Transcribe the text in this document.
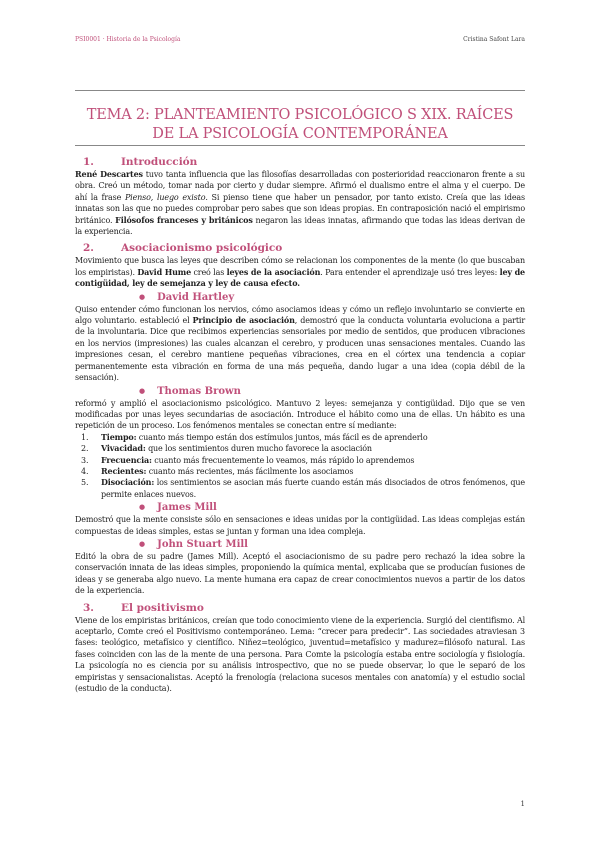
PSI0001 · Historia de la Psicología	Cristina Safont Lara
TEMA 2: PLANTEAMIENTO PSICOLÓGICO S XIX. RAÍCES DE LA PSICOLOGÍA CONTEMPORÁNEA
1.	Introducción

René Descartes tuvo tanta influencia que las filosofías desarrolladas con posterioridad reaccionaron frente a su obra. Creó un método, tomar nada por cierto y dudar siempre. Afirmó el dualismo entre el alma y el cuerpo. De ahí la frase Pienso, luego existo. Si pienso tiene que haber un pensador, por tanto existo. Creía que las ideas innatas son las que no puedes comprobar pero sabes que son ideas propias. En contraposición nació el empirismo británico. Filósofos franceses y británicos negaron las ideas innatas, afirmando que todas las ideas derivan de la experiencia.

2.	Asociacionismo psicológico

Movimiento que busca las leyes que describen cómo se relacionan los componentes de la mente (lo que buscaban los empiristas). David Hume creó las leyes de la asociación. Para entender el aprendizaje usó tres leyes: ley de contigüidad, ley de semejanza y ley de causa efecto.

● David Hartley

Quiso entender cómo funcionan los nervios, cómo asociamos ideas y cómo un reflejo involuntario se convierte en algo voluntario. estableció el Principio de asociación, demostró que la conducta voluntaria evoluciona a partir de la involuntaria. Dice que recibimos experiencias sensoriales por medio de sentidos, que producen vibraciones en los nervios (impresiones) las cuales alcanzan el cerebro, y producen unas sensaciones mentales. Cuando las impresiones cesan, el cerebro mantiene pequeñas vibraciones, crea en el córtex una tendencia a copiar permanentemente esta vibración en forma de una más pequeña, dando lugar a una idea (copia débil de la sensación).

● Thomas Brown

reformó y amplió el asociacionismo psicológico. Mantuvo 2 leyes: semejanza y contigüidad. Dijo que se ven modificadas por unas leyes secundarias de asociación. Introduce el hábito como una de ellas. Un hábito es una repetición de un proceso. Los fenómenos mentales se conectan entre sí mediante:

1.	Tiempo: cuanto más tiempo están dos estímulos juntos, más fácil es de aprenderlo
2.	Vivacidad: que los sentimientos duren mucho favorece la asociación
3.	Frecuencia: cuanto más frecuentemente lo veamos, más rápido lo aprendemos
4.	Recientes: cuanto más recientes, más fácilmente los asociamos
5.	Disociación: los sentimientos se asocian más fuerte cuando están más disociados de otros fenómenos, que permite enlaces nuevos.
● James Mill

Demostró que la mente consiste sólo en sensaciones e ideas unidas por la contigüidad. Las ideas complejas están compuestas de ideas simples, estas se juntan y forman una idea compleja.

● John Stuart Mill

Editó la obra de su padre (James Mill). Aceptó el asociacionismo de su padre pero rechazó la idea sobre la conservación innata de las ideas simples, proponiendo la química mental, explicaba que se producían fusiones de ideas y se generaba algo nuevo. La mente humana era capaz de crear conocimientos nuevos a partir de los datos de la experiencia.

3.	El positivismo

Viene de los empiristas británicos, creían que todo conocimiento viene de la experiencia. Surgió del cientifismo. Al aceptarlo, Comte creó el Positivismo contemporáneo. Lema: “crecer para predecir”. Las sociedades atraviesan 3 fases: teológico, metafísico y científico. Niñez=teológico, juventud=metafísico y madurez=filósofo natural. Las fases coinciden con las de la mente de una persona. Para Comte la psicología estaba entre sociología y fisiología. La psicología no es ciencia por su análisis introspectivo, que no se puede observar, lo que le separó de los empiristas y sensacionalistas. Aceptó la frenología (relaciona sucesos mentales con anatomía) y el estudio social (estudio de la conducta).

1
